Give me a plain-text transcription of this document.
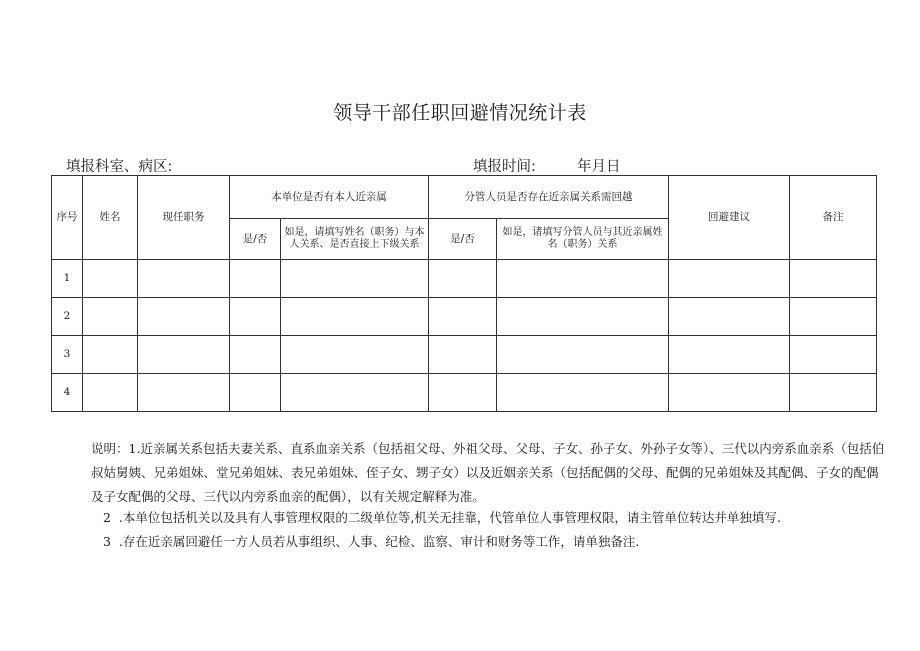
领导干部任职回避情况统计表
填报科室、病区:	填报时间:	年月日
序号	姓名	现任职务	本单位是否有本人近亲属		分管人员是否存在近亲属关系需回越		回避建议	备注
			是/否	如是，请填写姓名（职务）与本人关系、是否直接上下级关系	是/否	如是，诸填写分管人员与其近亲属姓名（职务）关系		
1								
2								
3								
4								
说明：1.近亲属关系包括夫妻关系、直系血亲关系（包括祖父母、外祖父母、父母、子女、孙子女、外孙子女等）、三代以内旁系血亲系（包括伯叔姑舅姨、兄弟姐妹、堂兄弟姐妹、表兄弟姐妹、侄子女、甥子女）以及近姻亲关系（包括配偶的父母、配偶的兄弟姐妹及其配偶、子女的配偶及子女配偶的父母、三代以内旁系血亲的配偶），以有关规定解释为准。
2 .本单位包括机关以及具有人事管理权限的二级单位等,机关无挂靠，代管单位人事管理权限，请主管单位转达并单独填写.
3 .存在近亲属回避任一方人员若从事组织、人事、纪检、监察、审计和财务等工作，请单独备注.
